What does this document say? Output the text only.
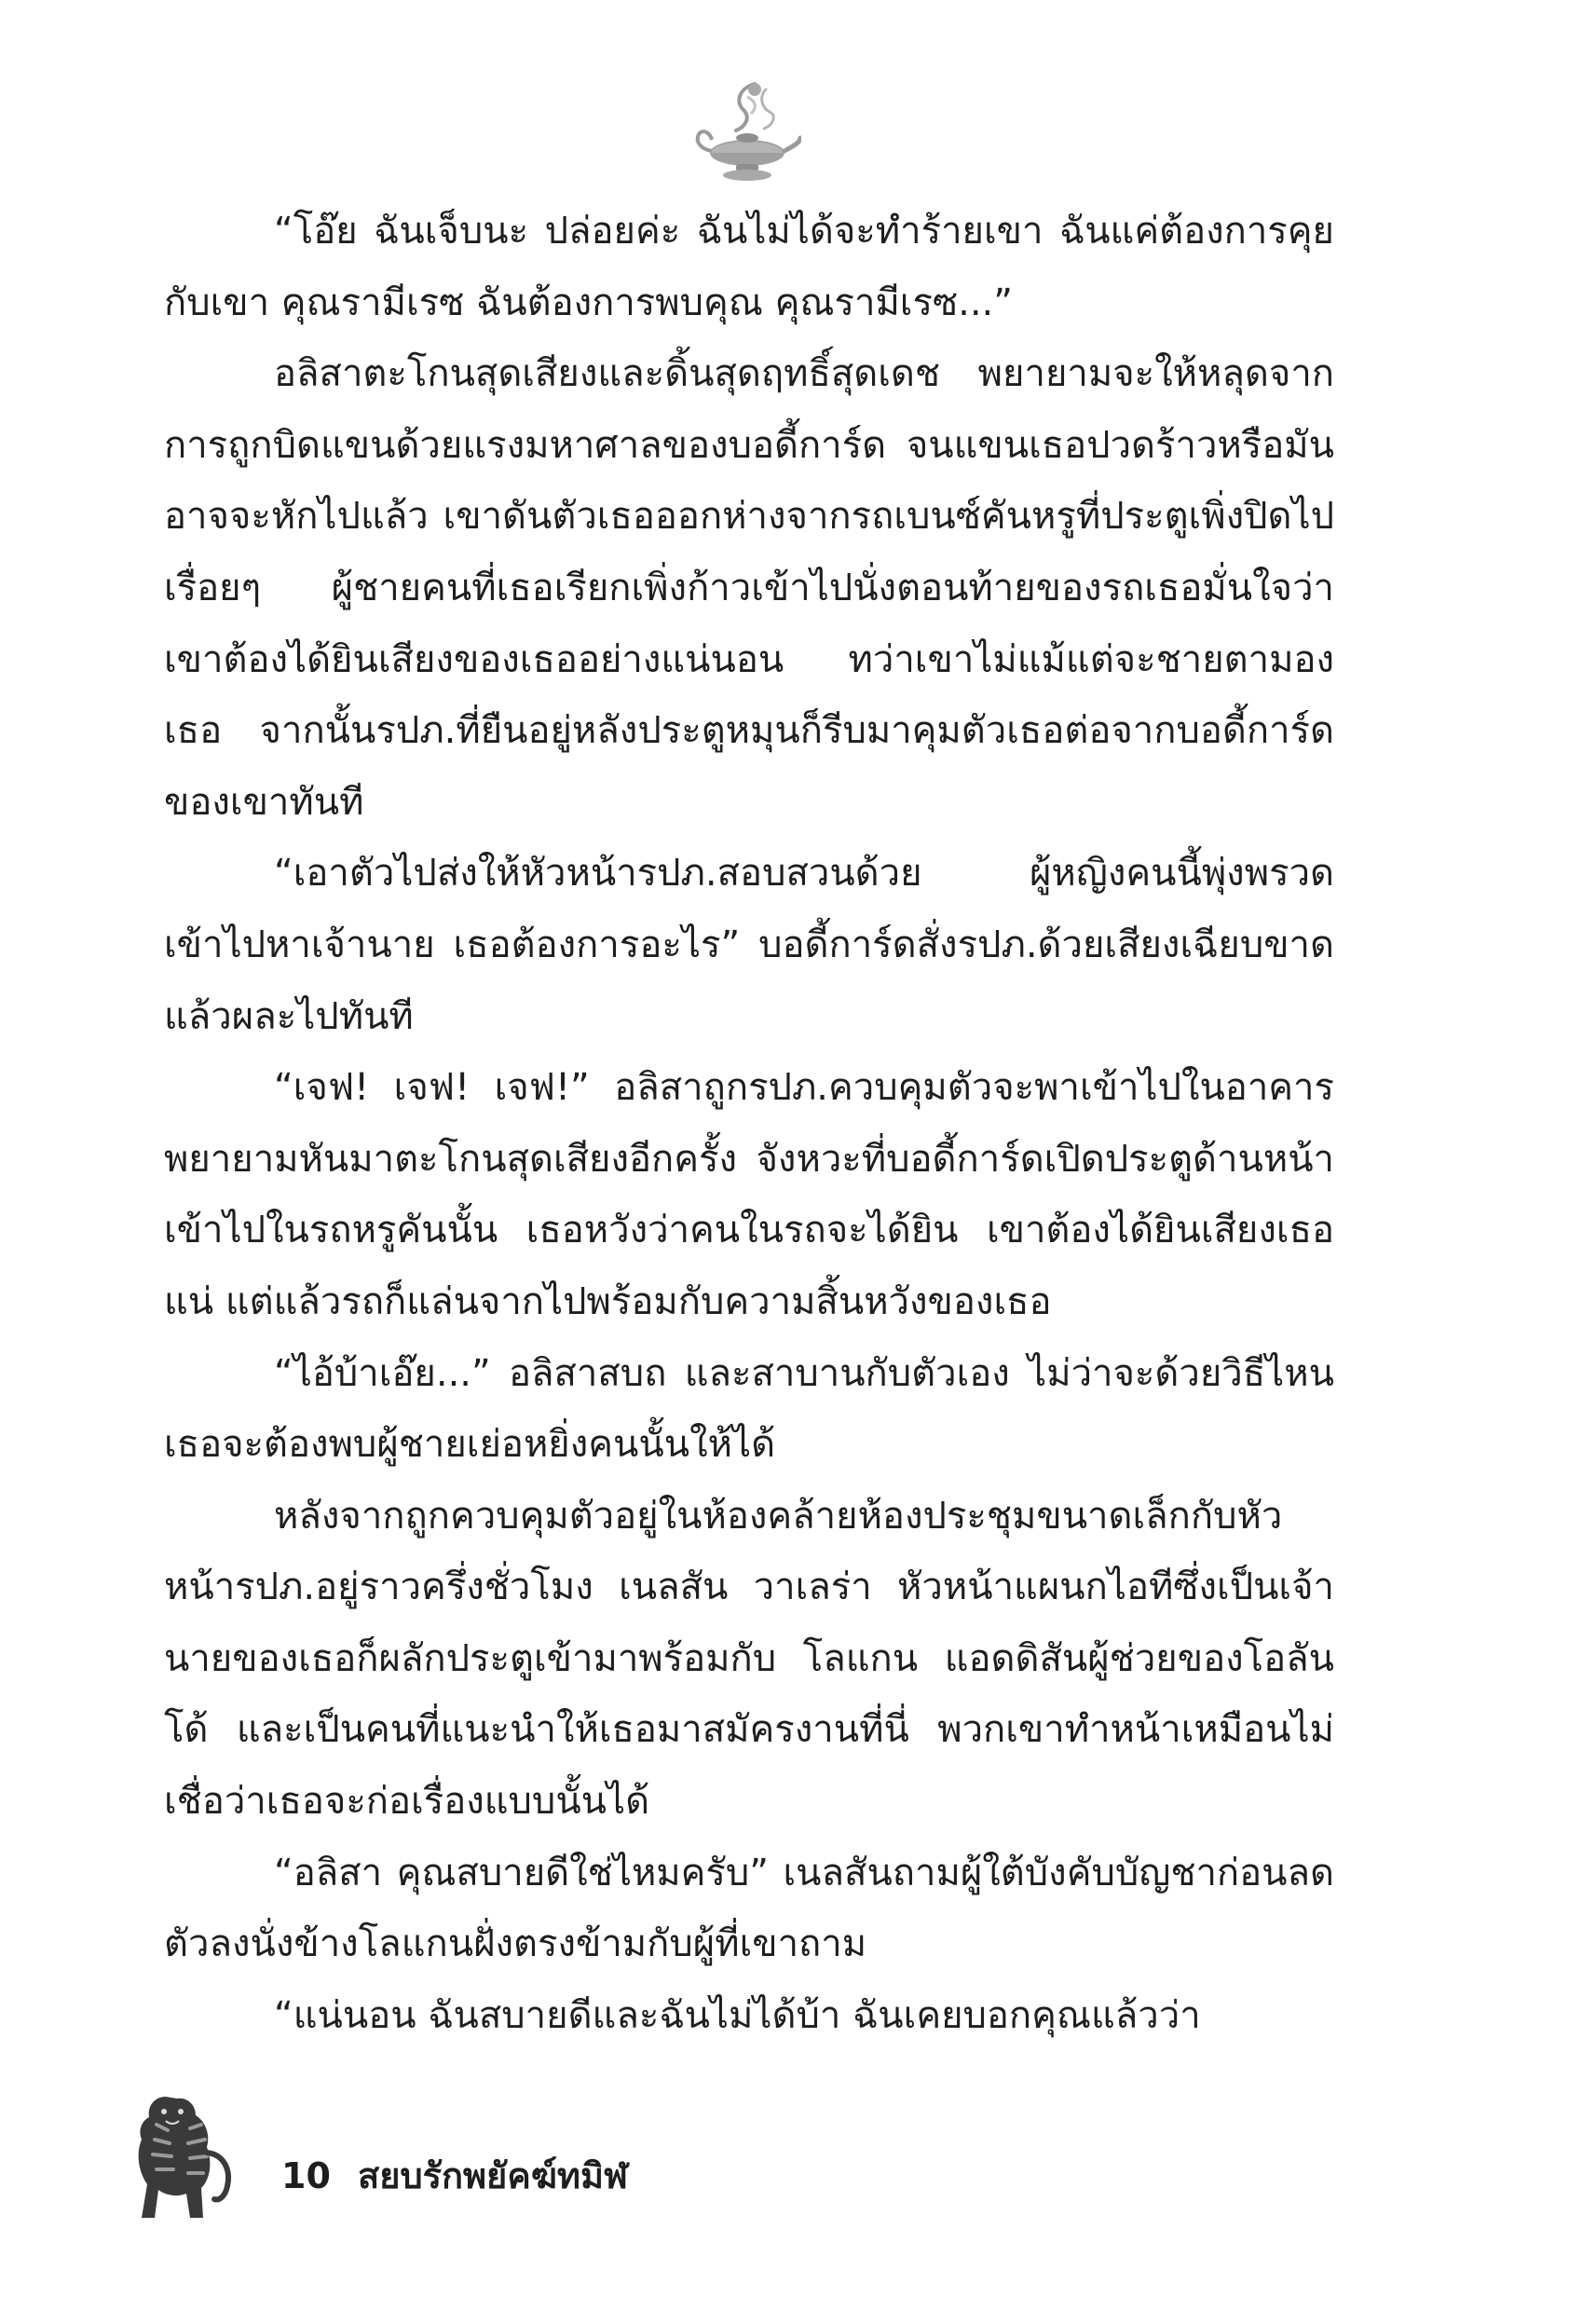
“โอ๊ย ฉันเจ็บนะ ปล่อยค่ะ ฉันไม่ได้จะทำร้ายเขา ฉันแค่ต้องการคุยกับเขา คุณรามีเรซ ฉันต้องการพบคุณ คุณรามีเรซ...”

อลิสาตะโกนสุดเสียงและดิ้นสุดฤทธิ์สุดเดช พยายามจะให้หลุดจากการถูกบิดแขนด้วยแรงมหาศาลของบอดี้การ์ด จนแขนเธอปวดร้าวหรือมันอาจจะหักไปแล้ว เขาดันตัวเธอออกห่างจากรถเบนซ์คันหรูที่ประตูเพิ่งปิดไปเรื่อยๆ ผู้ชายคนที่เธอเรียกเพิ่งก้าวเข้าไปนั่งตอนท้ายของรถเธอมั่นใจว่าเขาต้องได้ยินเสียงของเธออย่างแน่นอน ทว่าเขาไม่แม้แต่จะชายตามองเธอ จากนั้นรปภ.ที่ยืนอยู่หลังประตูหมุนก็รีบมาคุมตัวเธอต่อจากบอดี้การ์ดของเขาทันที

“เอาตัวไปส่งให้หัวหน้ารปภ.สอบสวนด้วย ผู้หญิงคนนี้พุ่งพรวดเข้าไปหาเจ้านาย เธอต้องการอะไร” บอดี้การ์ดสั่งรปภ.ด้วยเสียงเฉียบขาดแล้วผละไปทันที

“เจฟ! เจฟ! เจฟ!” อลิสาถูกรปภ.ควบคุมตัวจะพาเข้าไปในอาคารพยายามหันมาตะโกนสุดเสียงอีกครั้ง จังหวะที่บอดี้การ์ดเปิดประตูด้านหน้าเข้าไปในรถหรูคันนั้น เธอหวังว่าคนในรถจะได้ยิน เขาต้องได้ยินเสียงเธอแน่ แต่แล้วรถก็แล่นจากไปพร้อมกับความสิ้นหวังของเธอ

“ไอ้บ้าเอ๊ย...” อลิสาสบถ และสาบานกับตัวเอง ไม่ว่าจะด้วยวิธีไหนเธอจะต้องพบผู้ชายเย่อหยิ่งคนนั้นให้ได้

หลังจากถูกควบคุมตัวอยู่ในห้องคล้ายห้องประชุมขนาดเล็กกับหัวหน้ารปภ.อยู่ราวครึ่งชั่วโมง เนลสัน วาเลร่า หัวหน้าแผนกไอทีซึ่งเป็นเจ้านายของเธอก็ผลักประตูเข้ามาพร้อมกับ โลแกน แอดดิสันผู้ช่วยของโอลันโด้ และเป็นคนที่แนะนำให้เธอมาสมัครงานที่นี่ พวกเขาทำหน้าเหมือนไม่เชื่อว่าเธอจะก่อเรื่องแบบนั้นได้

“อลิสา คุณสบายดีใช่ไหมครับ” เนลสันถามผู้ใต้บังคับบัญชาก่อนลดตัวลงนั่งข้างโลแกนฝั่งตรงข้ามกับผู้ที่เขาถาม

“แน่นอน ฉันสบายดีและฉันไม่ได้บ้า ฉันเคยบอกคุณแล้วว่า

10 สยบรักพยัคฆ์ทมิฬ
